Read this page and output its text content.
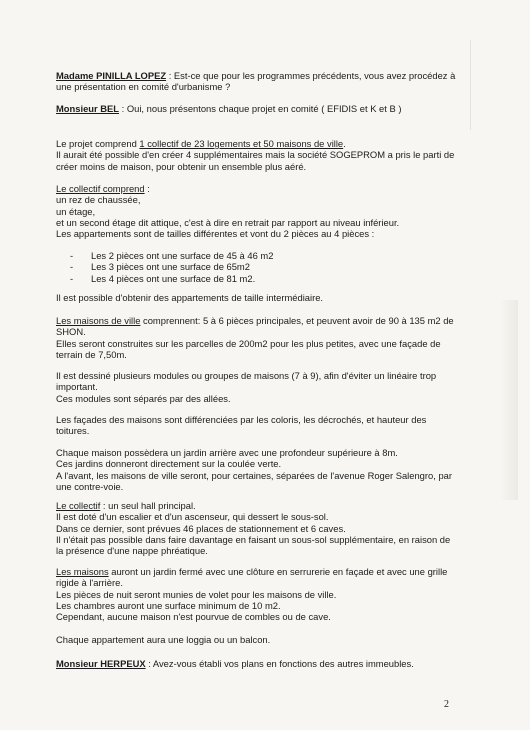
Madame PINILLA LOPEZ : Est-ce que pour les programmes précédents, vous avez procédez à une présentation en comité d'urbanisme ?

Monsieur BEL : Oui, nous présentons chaque projet en comité ( EFIDIS et K et B )

Le projet comprend 1 collectif de 23 logements et 50 maisons de ville.

Il aurait été possible d'en créer 4 supplémentaires mais la société SOGEPROM a pris le parti de créer moins de maison, pour obtenir un ensemble plus aéré.

Le collectif comprend :

un rez de chaussée,

un étage,

et un second étage dit attique, c'est à dire en retrait par rapport au niveau inférieur.

Les appartements sont de tailles différentes et vont du 2 pièces au 4 pièces :

- Les 2 pièces ont une surface de 45 à 46 m2
- Les 3 pièces ont une surface de 65m2
- Les 4 pièces ont une surface de 81 m2.

Il est possible d'obtenir des appartements de taille intermédiaire.

Les maisons de ville comprennent: 5 à 6 pièces principales, et peuvent avoir de 90 à 135 m2 de SHON.

Elles seront construites sur les parcelles de 200m2 pour les plus petites, avec une façade de terrain de 7,50m.

Il est dessiné plusieurs modules ou groupes de maisons (7 à 9), afin d'éviter un linéaire trop important.

Ces modules sont séparés par des allées.

Les façades des maisons sont différenciées par les coloris, les décrochés, et hauteur des toitures.

Chaque maison possèdera un jardin arrière avec une profondeur supérieure à 8m.

Ces jardins donneront directement sur la coulée verte.

A l'avant, les maisons de ville seront, pour certaines, séparées de l'avenue Roger Salengro, par une contre-voie.

Le collectif : un seul hall principal.

Il est doté d'un escalier et d'un ascenseur, qui dessert le sous-sol.

Dans ce dernier, sont prévues 46 places de stationnement et 6 caves.

Il n'était pas possible dans faire davantage en faisant un sous-sol supplémentaire, en raison de la présence d'une nappe phréatique.

Les maisons auront un jardin fermé avec une clôture en serrurerie en façade et avec une grille rigide à l'arrière.

Les pièces de nuit seront munies de volet pour les maisons de ville.

Les chambres auront une surface minimum de 10 m2.

Cependant, aucune maison n'est pourvue de combles ou de cave.

Chaque appartement aura une loggia ou un balcon.

Monsieur HERPEUX : Avez-vous établi vos plans en fonctions des autres immeubles.

2
